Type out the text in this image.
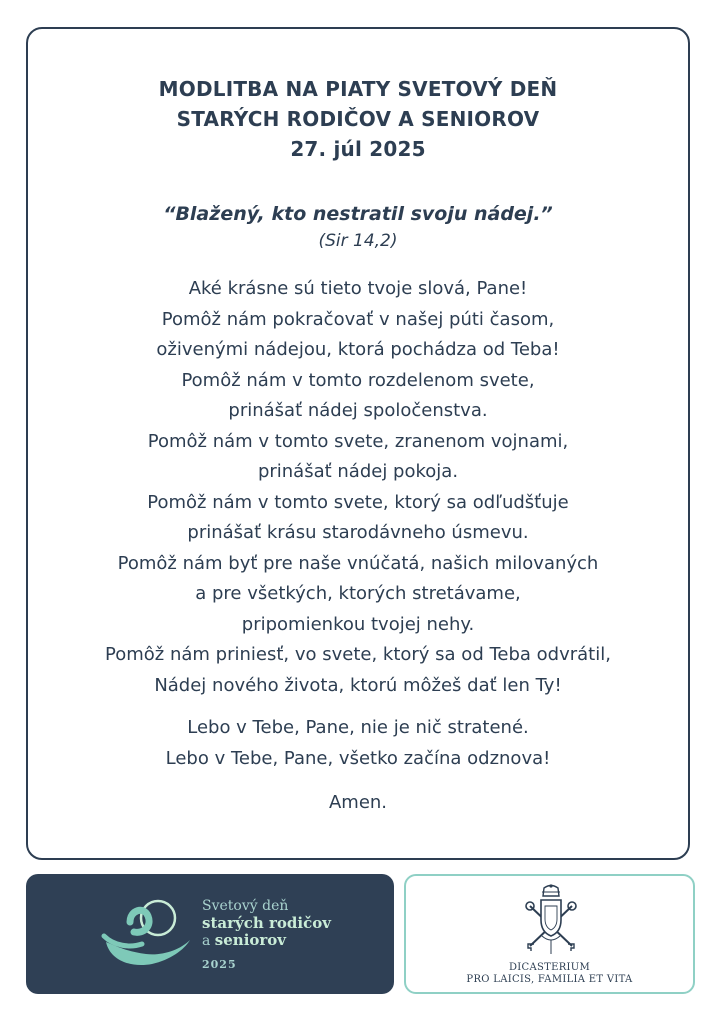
MODLITBA NA PIATY SVETOVÝ DEŇ
STARÝCH RODIČOV A SENIOROV
27. júl 2025
“Blažený, kto nestratil svoju nádej.”
(Sir 14,2)
Aké krásne sú tieto tvoje slová, Pane!
Pomôž nám pokračovať v našej púti časom,
oživenými nádejou, ktorá pochádza od Teba!
Pomôž nám v tomto rozdelenom svete,
prinášať nádej spoločenstva.
Pomôž nám v tomto svete, zranenom vojnami,
prinášať nádej pokoja.
Pomôž nám v tomto svete, ktorý sa odľudšťuje
prinášať krásu starodávneho úsmevu.
Pomôž nám byť pre naše vnúčatá, našich milovaných
a pre všetkých, ktorých stretávame,
pripomienkou tvojej nehy.
Pomôž nám priniesť, vo svete, ktorý sa od Teba odvrátil,
Nádej nového života, ktorú môžeš dať len Ty!
Lebo v Tebe, Pane, nie je nič stratené.
Lebo v Tebe, Pane, všetko začína odznova!
Amen.
Svetový deň
starých rodičov
a seniorov
2025	DICASTERIUM
PRO LAICIS, FAMILIA ET VITA
